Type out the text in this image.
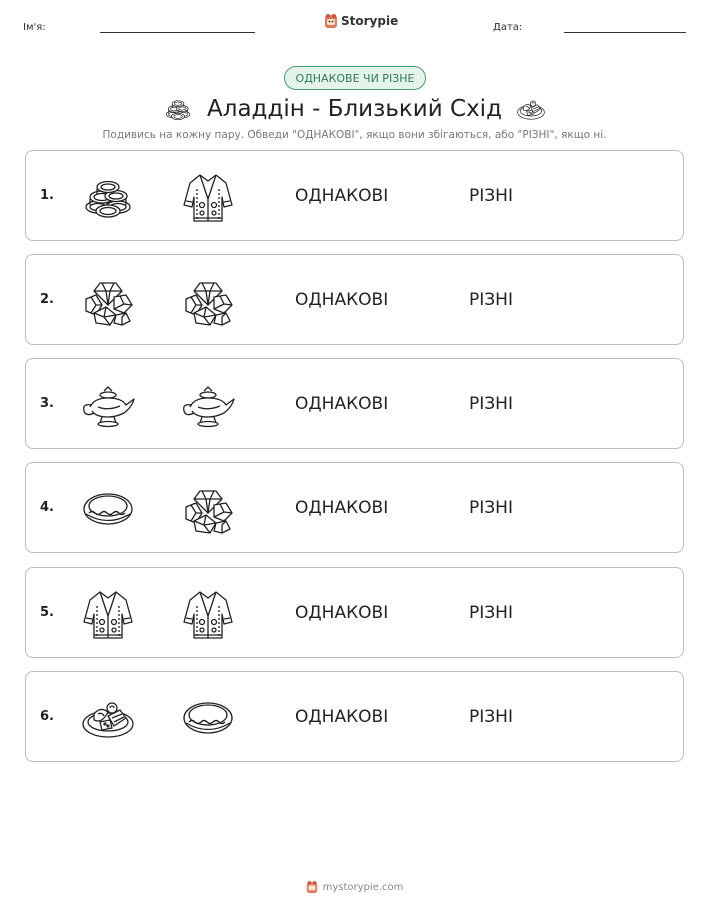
Ім'я:	Storypie	Дата:
ОДНАКОВЕ ЧИ РІЗНЕ
Аладдін - Близький Схід
Подивись на кожну пару. Обведи "ОДНАКОВІ", якщо вони збігаються, або "РІЗНІ", якщо ні.
1.	ОДНАКОВІ	РІЗНІ
2.	ОДНАКОВІ	РІЗНІ
3.	ОДНАКОВІ	РІЗНІ
4.	ОДНАКОВІ	РІЗНІ
5.	ОДНАКОВІ	РІЗНІ
6.	ОДНАКОВІ	РІЗНІ
mystorypie.com
